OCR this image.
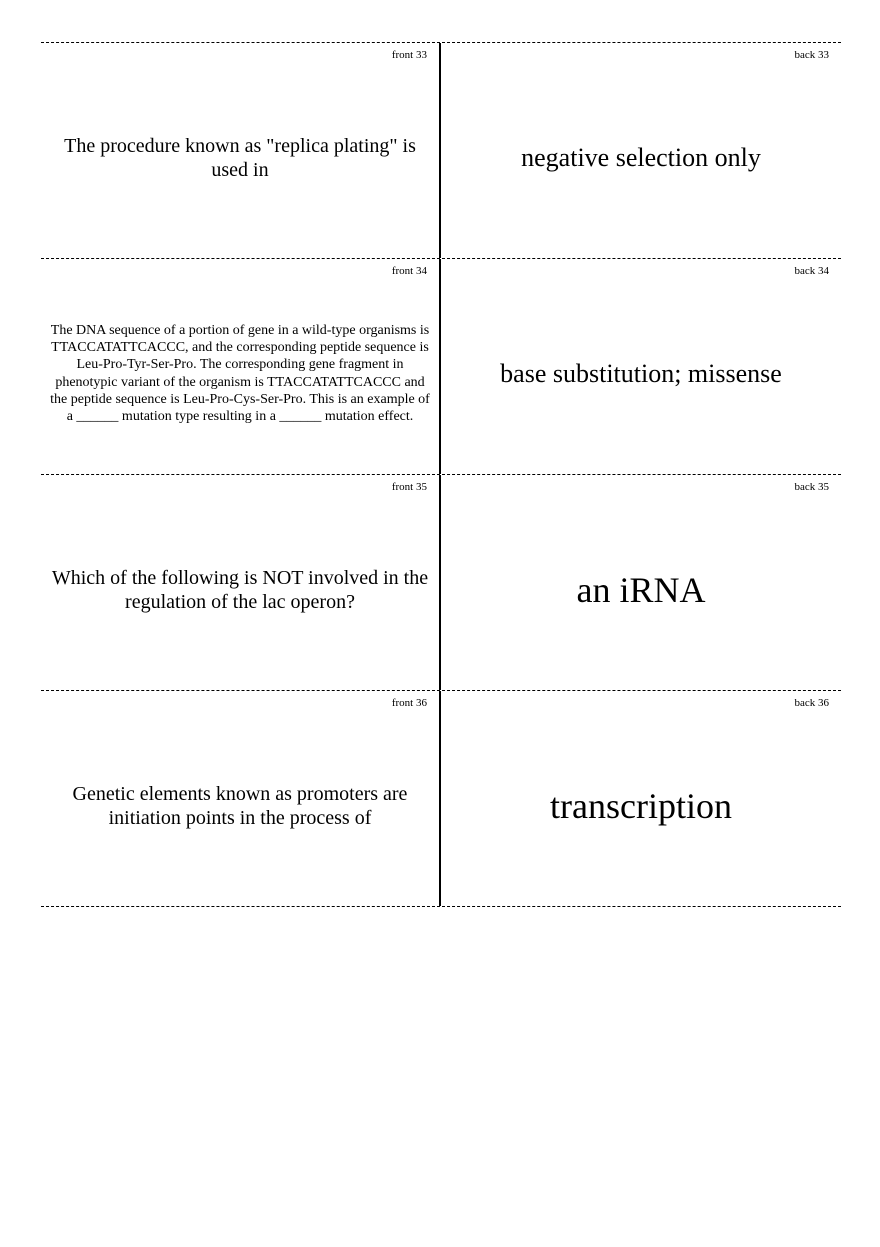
front 33
The procedure known as "replica plating" is used in
back 33
negative selection only
front 34
The DNA sequence of a portion of gene in a wild-type organisms is TTACCATATTCACCC, and the corresponding peptide sequence is Leu-Pro-Tyr-Ser-Pro. The corresponding gene fragment in phenotypic variant of the organism is TTACCATATTCACCC and the peptide sequence is Leu-Pro-Cys-Ser-Pro. This is an example of a ______ mutation type resulting in a ______ mutation effect.
back 34
base substitution; missense
front 35
Which of the following is NOT involved in the regulation of the lac operon?
back 35
an iRNA
front 36
Genetic elements known as promoters are initiation points in the process of
back 36
transcription
